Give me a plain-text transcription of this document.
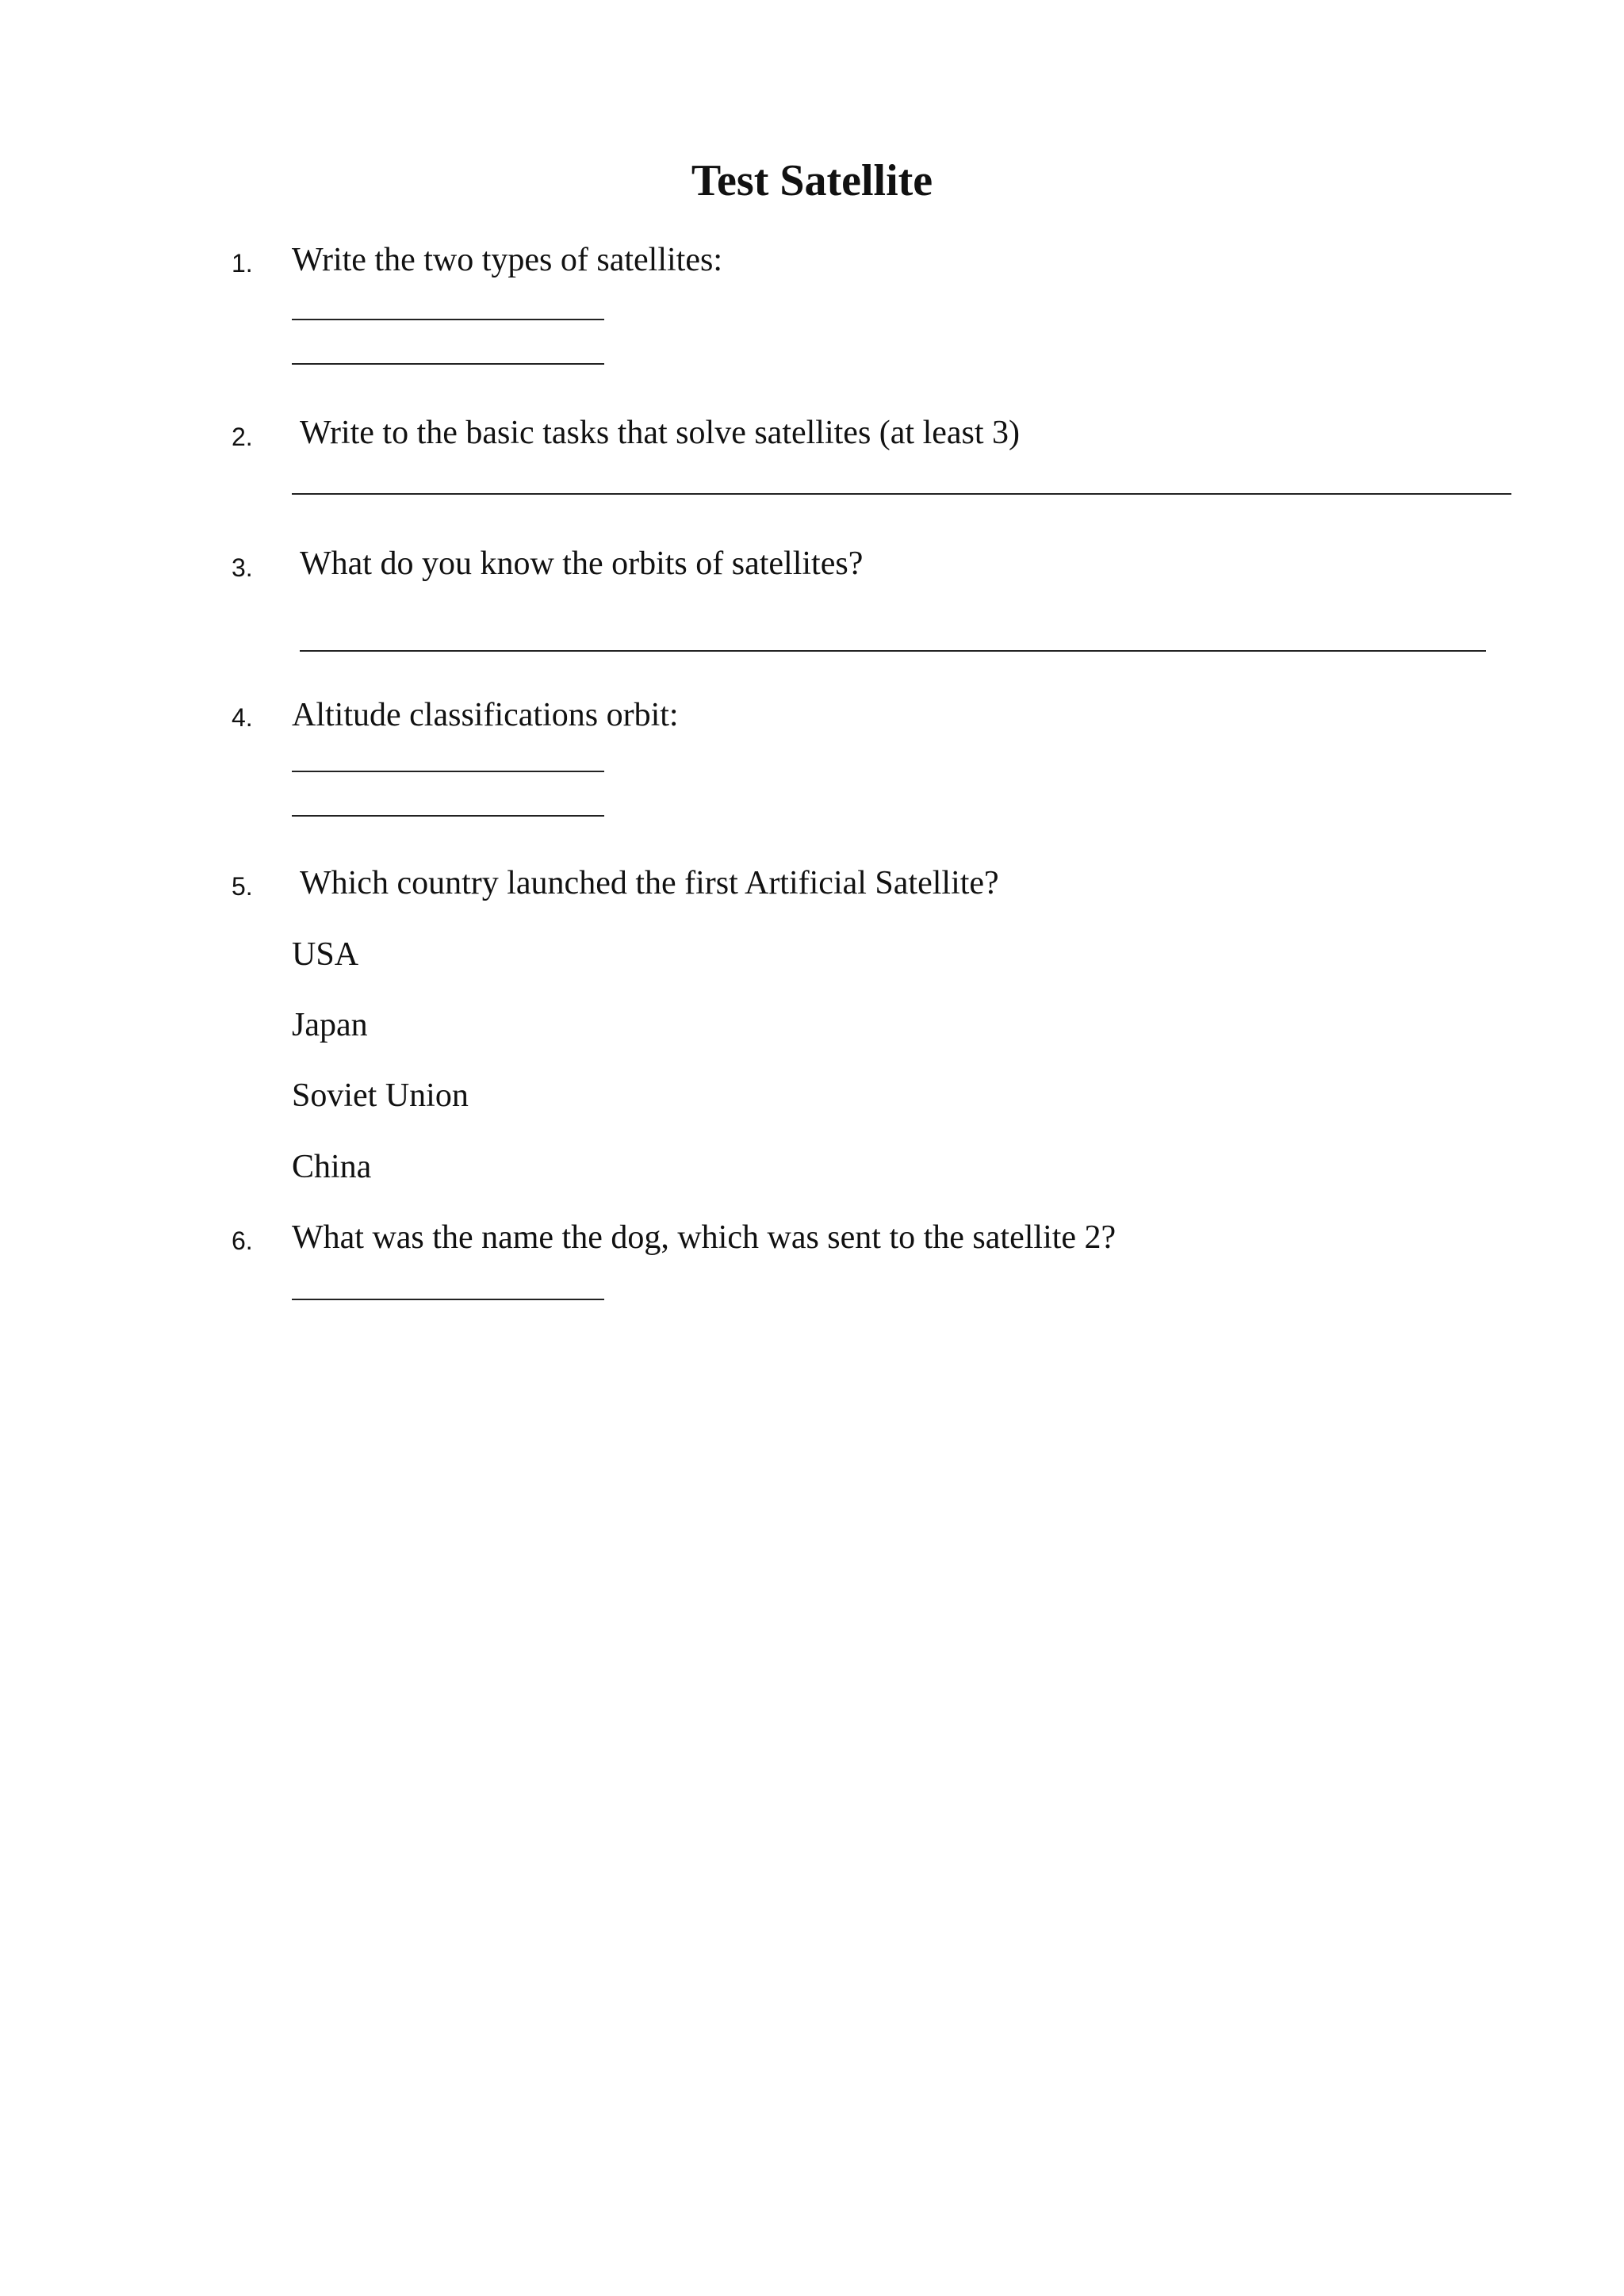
Test Satellite
1. Write the two types of satellites:
2. Write to the basic tasks that solve satellites (at least 3)
3. What do you know the orbits of satellites?
4. Altitude classifications orbit:
5. Which country launched the first Artificial Satellite?
USA
Japan
Soviet Union
China
6. What was the name the dog, which was sent to the satellite 2?
